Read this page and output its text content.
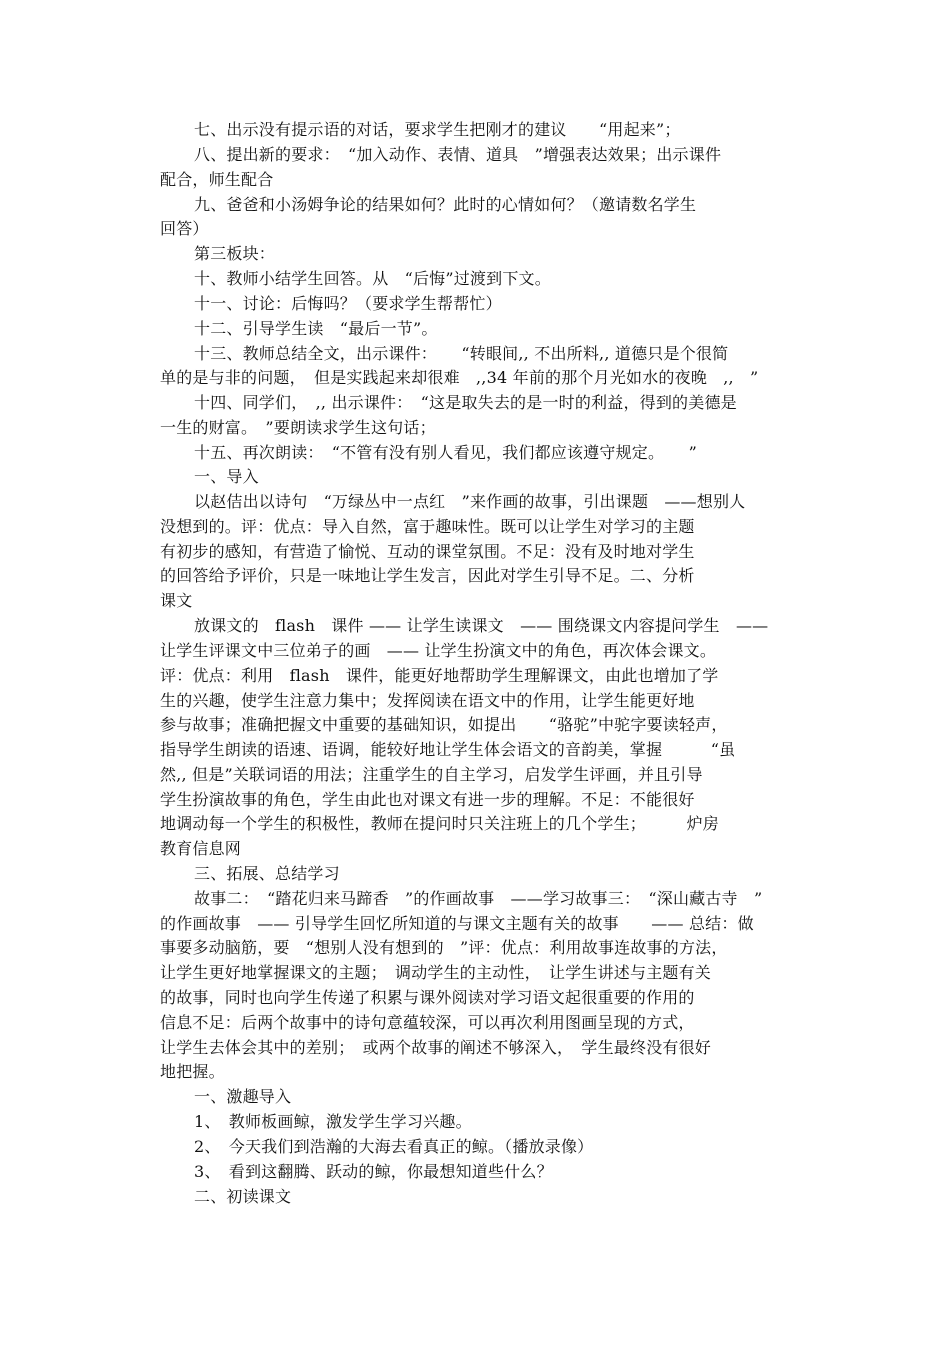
七、出示没有提示语的对话，要求学生把刚才的建议　　“用起来”；
八、提出新的要求：　“加入动作、表情、道具　”增强表达效果；出示课件
配合，师生配合
九、爸爸和小汤姆争论的结果如何？此时的心情如何？（邀请数名学生
回答）
第三板块：
十、教师小结学生回答。从　“后悔”过渡到下文。
十一、讨论：后悔吗？（要求学生帮帮忙）
十二、引导学生读　“最后一节”。
十三、教师总结全文，出示课件：　　“转眼间,, 不出所料,, 道德只是个很简
单的是与非的问题，　但是实践起来却很难　,,34 年前的那个月光如水的夜晚　,,　”
十四、同学们，　,, 出示课件：　“这是取失去的是一时的利益，得到的美德是
一生的财富。　”要朗读求学生这句话；
十五、再次朗读：　“不管有没有别人看见，我们都应该遵守规定。　　”
一、导入
以赵佶出以诗句　“万绿丛中一点红　”来作画的故事，引出课题　——想别人
没想到的。评：优点：导入自然，富于趣味性。既可以让学生对学习的主题
有初步的感知，有营造了愉悦、互动的课堂氛围。不足：没有及时地对学生
的回答给予评价，只是一味地让学生发言，因此对学生引导不足。二、分析
课文
放课文的　flash　课件 —— 让学生读课文　—— 围绕课文内容提问学生　——
让学生评课文中三位弟子的画　—— 让学生扮演文中的角色，再次体会课文。
评：优点：利用　flash　课件，能更好地帮助学生理解课文，由此也增加了学
生的兴趣，使学生注意力集中；发挥阅读在语文中的作用，让学生能更好地
参与故事；准确把握文中重要的基础知识，如提出　　“骆驼”中驼字要读轻声，
指导学生朗读的语速、语调，能较好地让学生体会语文的音韵美，掌握　　　“虽
然,, 但是”关联词语的用法；注重学生的自主学习，启发学生评画，并且引导
学生扮演故事的角色，学生由此也对课文有进一步的理解。不足：不能很好
地调动每一个学生的积极性，教师在提问时只关注班上的几个学生；　　　炉房
教育信息网
三、拓展、总结学习
故事二：　“踏花归来马蹄香　”的作画故事　——学习故事三：　“深山藏古寺　”
的作画故事　—— 引导学生回忆所知道的与课文主题有关的故事　　—— 总结：做
事要多动脑筋，要　“想别人没有想到的　”评：优点：利用故事连故事的方法，
让学生更好地掌握课文的主题；　调动学生的主动性，　让学生讲述与主题有关
的故事，同时也向学生传递了积累与课外阅读对学习语文起很重要的作用的
信息不足：后两个故事中的诗句意蕴较深，可以再次利用图画呈现的方式，
让学生去体会其中的差别；　或两个故事的阐述不够深入，　学生最终没有很好
地把握。
一、激趣导入
1、　教师板画鲸，激发学生学习兴趣。
2、　今天我们到浩瀚的大海去看真正的鲸。（播放录像）
3、　看到这翻腾、跃动的鲸，你最想知道些什么？
二、初读课文
